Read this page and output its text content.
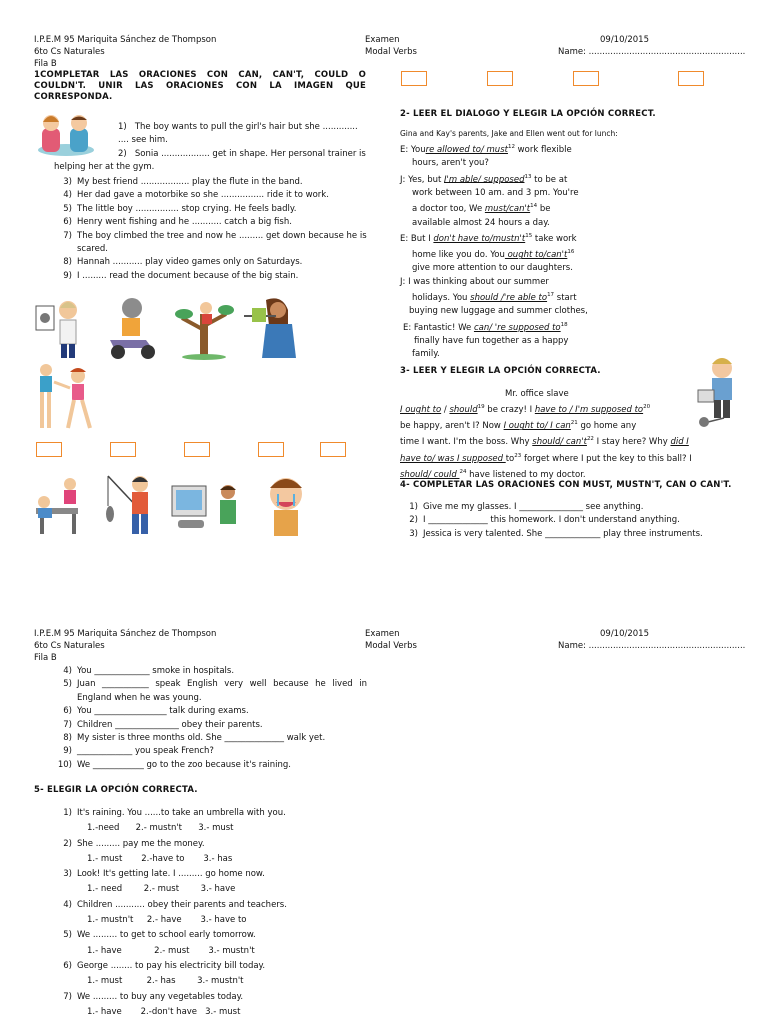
I.P.E.M 95 Mariquita Sánchez de Thompson	Examen	09/10/2015
6to Cs Naturales	Modal Verbs	Name: ..........................................................
Fila B
1COMPLETAR LAS ORACIONES CON CAN, CAN'T, COULD O COULDN'T. UNIR LAS ORACIONES CON LA IMAGEN QUE CORRESPONDA.
1) The boy wants to pull the girl's hair but she ............. .... see him.
2) Sonia .................. get in shape. Her personal trainer is helping her at the gym.
3) My best friend .................. play the flute in the band.
4) Her dad gave a motorbike so she ................ ride it to work.
5) The little boy ................ stop crying. He feels badly.
6) Henry went fishing and he ........... catch a big fish.
7) The boy climbed the tree and now he ......... get down because he is scared.
8) Hannah ........... play video games only on Saturdays.
9) I ......... read the document because of the big stain.
2- LEER EL DIALOGO Y ELEGIR LA OPCIÓN CORRECT.
Gina and Kay's parents, Jake and Ellen went out for lunch:
E: Youre allowed to/ must$^{12}$ work flexible
hours, aren't you?
J: Yes, but I'm able/ supposed$^{13}$ to be at
work between 10 am. and 3 pm. You're
a doctor too, We must/$can't^{14}$ be
available almost 24 hours a day.
E: But I don't have $to/mustn't^{15}$ take work
home like you do. You ought $to/can't^{16}$
give more attention to our daughters.
J: I was thinking about our summer
holidays. You should /'re able $to^{17}$ start
buying new luggage and summer clothes,
E: Fantastic! We can/ 're supposed $to^{18}$
finally have fun together as a happy
family.
3- LEER Y ELEGIR LA OPCIÓN CORRECTA.
Mr. office slave
I ought to / should$^{19}$ be crazy! I have to / I'm supposed $to^{20}$
be happy, aren't I? Now I ought to/ I can$^{21}$ go home any
time I want. I'm the boss. Why should/ $can't^{22}$ I stay here? Why did I
have to/ was I supposed $to^{23}$ forget where I put the key to this ball? I
should/ could $^{24}$ have listened to my doctor.
4- COMPLETAR LAS ORACIONES CON MUST, MUSTN'T, CAN O CAN'T.
1) Give me my glasses. I _______________ see anything.
2) I ______________ this homework. I don't understand anything.
3) Jessica is very talented. She _____________ play three instruments.
I.P.E.M 95 Mariquita Sánchez de Thompson	Examen	09/10/2015
6to Cs Naturales	Modal Verbs	Name: ..........................................................
Fila B
4) You _____________ smoke in hospitals.
5) Juan ___________ speak English very well because he lived in England when he was young.
6) You _________________ talk during exams.
7) Children _______________ obey their parents.
8) My sister is three months old. She ______________ walk yet.
9) _____________ you speak French?
10) We ____________ go to the zoo because it's raining.
5- ELEGIR LA OPCIÓN CORRECTA.
1) It's raining. You ......to take an umbrella with you.
1.-need      2.- mustn't      3.- must
2) She ......... pay me the money.
1.- must       2.-have to       3.- has
3) Look! It's getting late. I ......... go home now.
1.- need        2.- must        3.- have
4) Children ........... obey their parents and teachers.
1.- mustn't     2.- have       3.- have to
5) We ......... to get to school early tomorrow.
1.- have            2.- must       3.- mustn't
6) George ........ to pay his electricity bill today.
1.- must         2.- has        3.- mustn't
7) We ......... to buy any vegetables today.
1.- have       2.-don't have   3.- must
